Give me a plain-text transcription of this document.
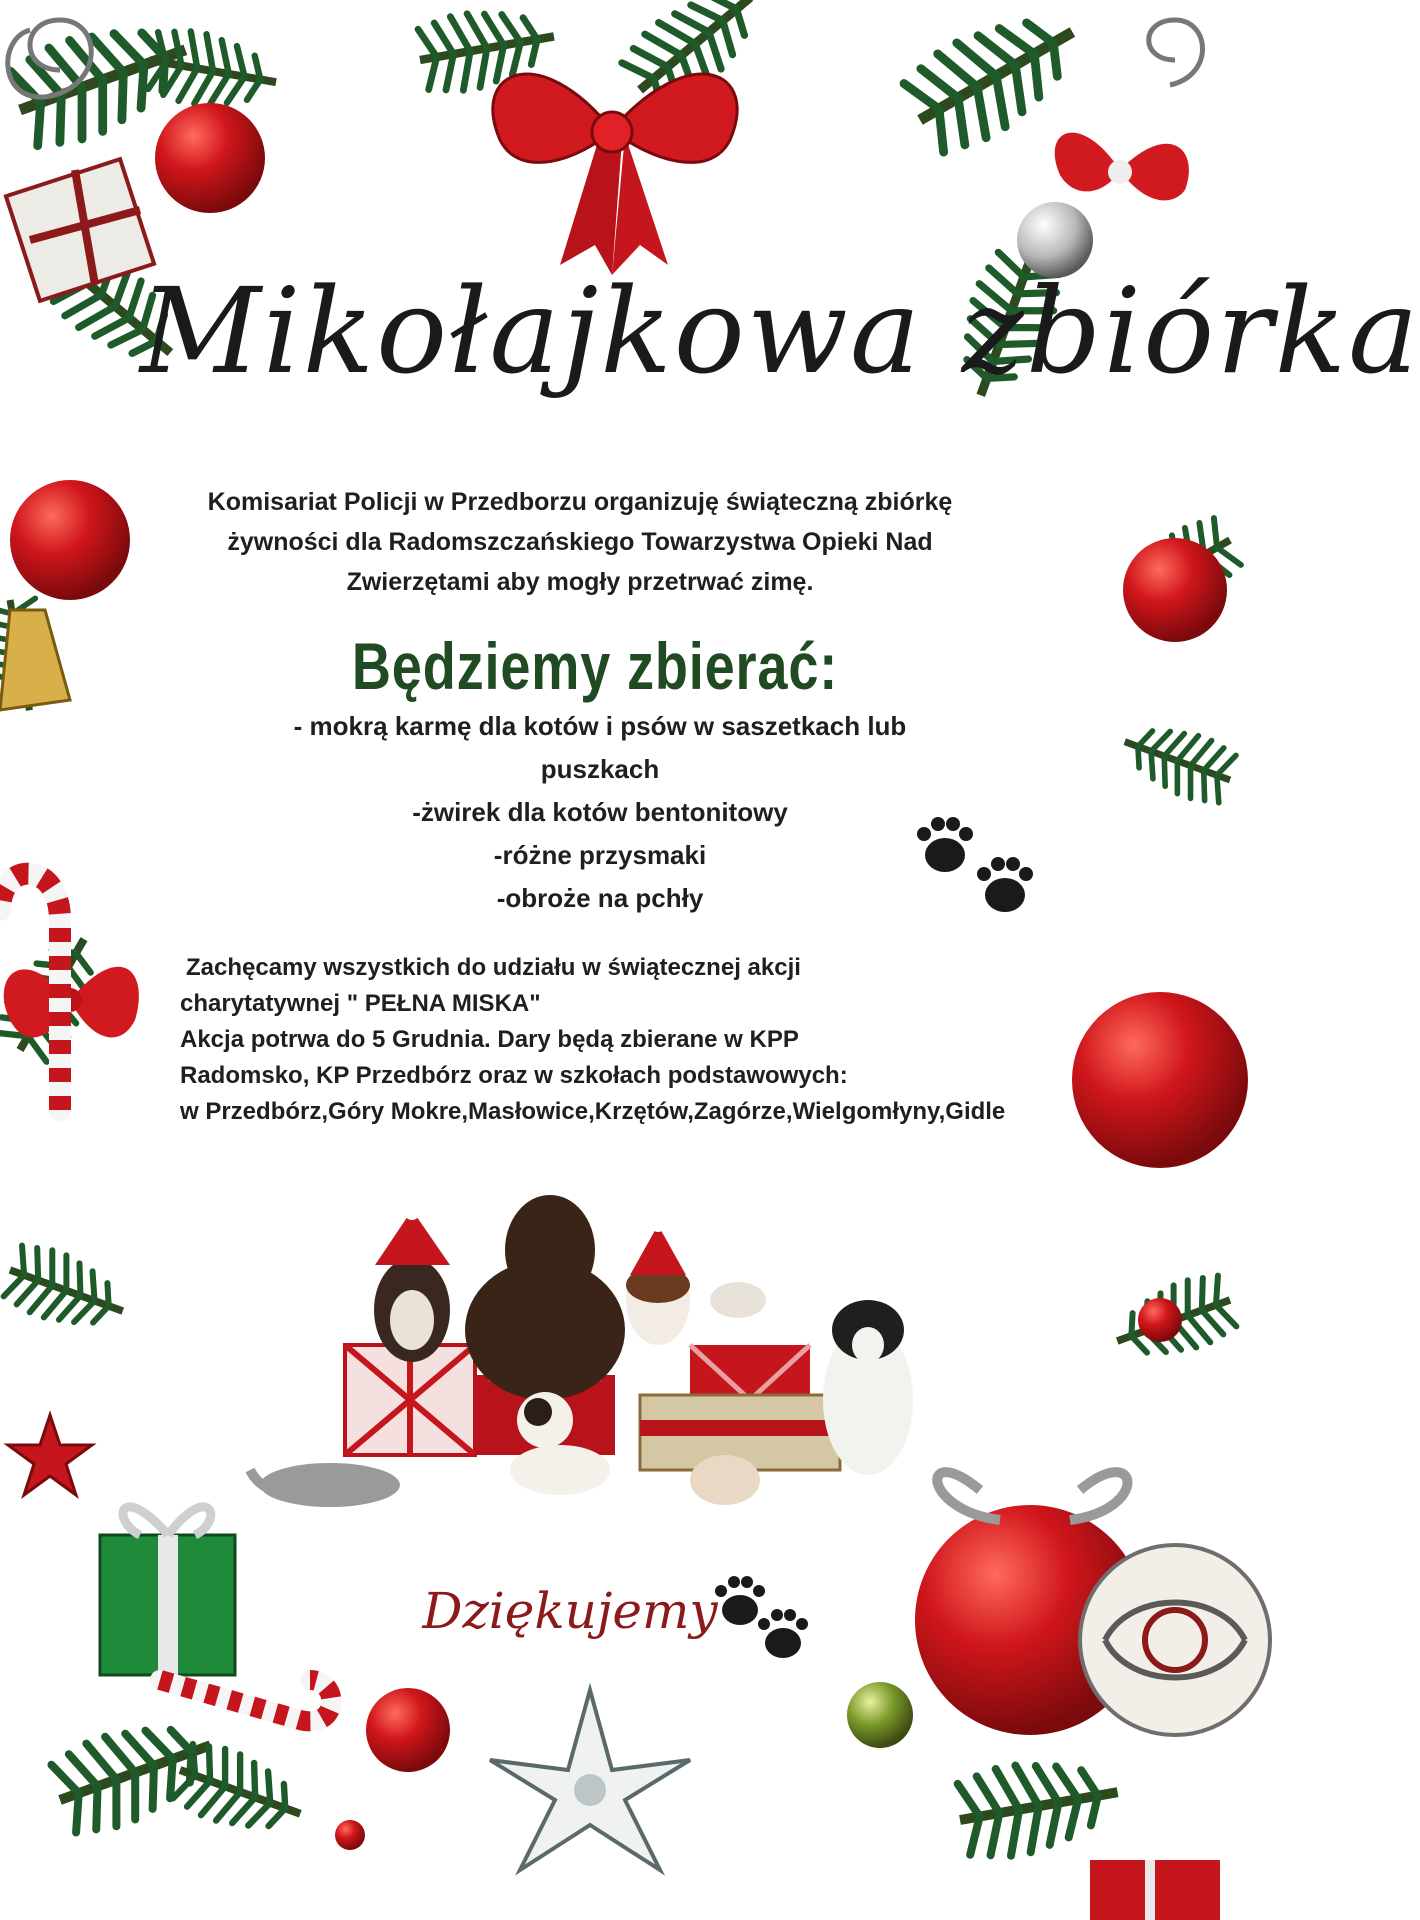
Mikołajkowa zbiórka
Komisariat Policji w Przedborzu organizuję świąteczną zbiórkę żywności dla Radomszczańskiego Towarzystwa Opieki Nad Zwierzętami aby mogły przetrwać zimę.
Będziemy zbierać:
- mokrą karmę dla kotów i psów w saszetkach lub puszkach
-żwirek dla kotów bentonitowy
-różne przysmaki
-obroże na pchły
Zachęcamy wszystkich do udziału w świątecznej akcji
charytatywnej " PEŁNA MISKA"
Akcja potrwa do 5 Grudnia. Dary będą zbierane w KPP
Radomsko, KP Przedbórz oraz w szkołach podstawowych:
w Przedbórz,Góry Mokre,Masłowice,Krzętów,Zagórze,Wielgomłyny,Gidle
Dziękujemy
